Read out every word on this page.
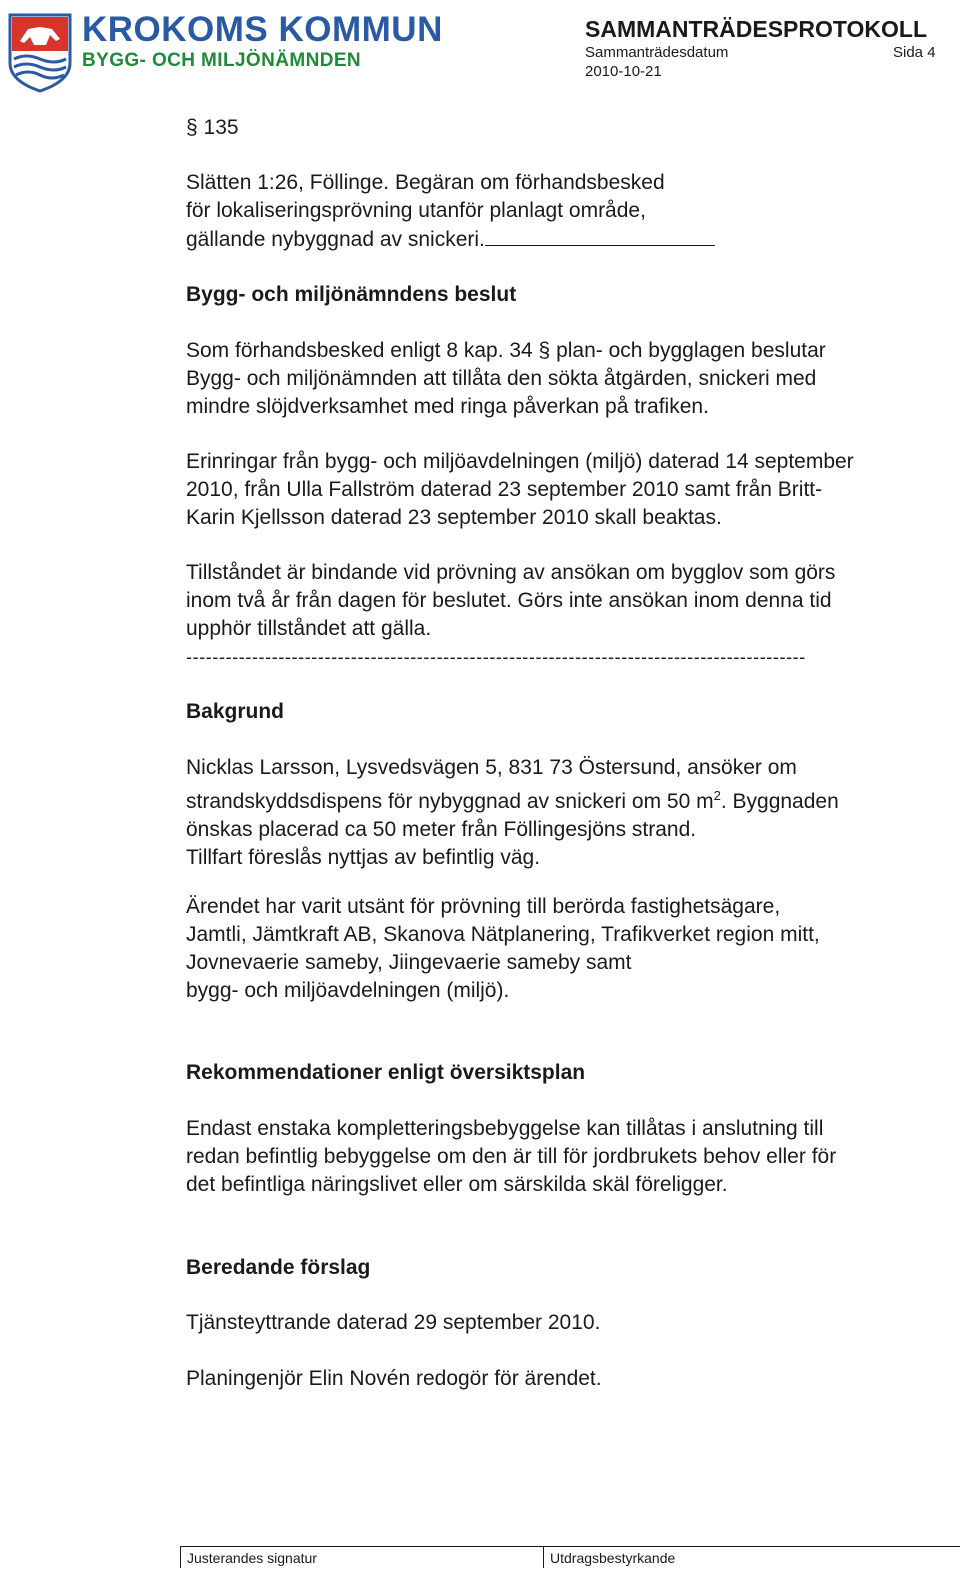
KROKOMS KOMMUN
BYGG- OCH MILJÖNÄMNDEN
SAMMANTRÄDESPROTOKOLL
Sammanträdesdatum	Sida 4
2010-10-21
§ 135
Slätten 1:26, Föllinge. Begäran om förhandsbesked
för lokaliseringsprövning utanför planlagt område,
gällande nybyggnad av snickeri.
Bygg- och miljönämndens beslut
Som förhandsbesked enligt 8 kap. 34 § plan- och bygglagen beslutar
Bygg- och miljönämnden att tillåta den sökta åtgärden, snickeri med
mindre slöjdverksamhet med ringa påverkan på trafiken.
Erinringar från bygg- och miljöavdelningen (miljö) daterad 14 september
2010, från Ulla Fallström daterad 23 september 2010 samt från Britt-
Karin Kjellsson daterad 23 september 2010 skall beaktas.
Tillståndet är bindande vid prövning av ansökan om bygglov som görs
inom två år från dagen för beslutet. Görs inte ansökan inom denna tid
upphör tillståndet att gälla.
----------------------------------------------------------------------------------------------
Bakgrund
Nicklas Larsson, Lysvedsvägen 5, 831 73 Östersund, ansöker om
strandskyddsdispens för nybyggnad av snickeri om 50 $m^2$. Byggnaden
önskas placerad ca 50 meter från Föllingesjöns strand.
Tillfart föreslås nyttjas av befintlig väg.
Ärendet har varit utsänt för prövning till berörda fastighetsägare,
Jamtli, Jämtkraft AB, Skanova Nätplanering, Trafikverket region mitt,
Jovnevaerie sameby, Jiingevaerie sameby samt
bygg- och miljöavdelningen (miljö).
Rekommendationer enligt översiktsplan
Endast enstaka kompletteringsbebyggelse kan tillåtas i anslutning till
redan befintlig bebyggelse om den är till för jordbrukets behov eller för
det befintliga näringslivet eller om särskilda skäl föreligger.
Beredande förslag
Tjänsteyttrande daterad 29 september 2010.
Planingenjör Elin Novén redogör för ärendet.
Justerandes signatur	Utdragsbestyrkande
